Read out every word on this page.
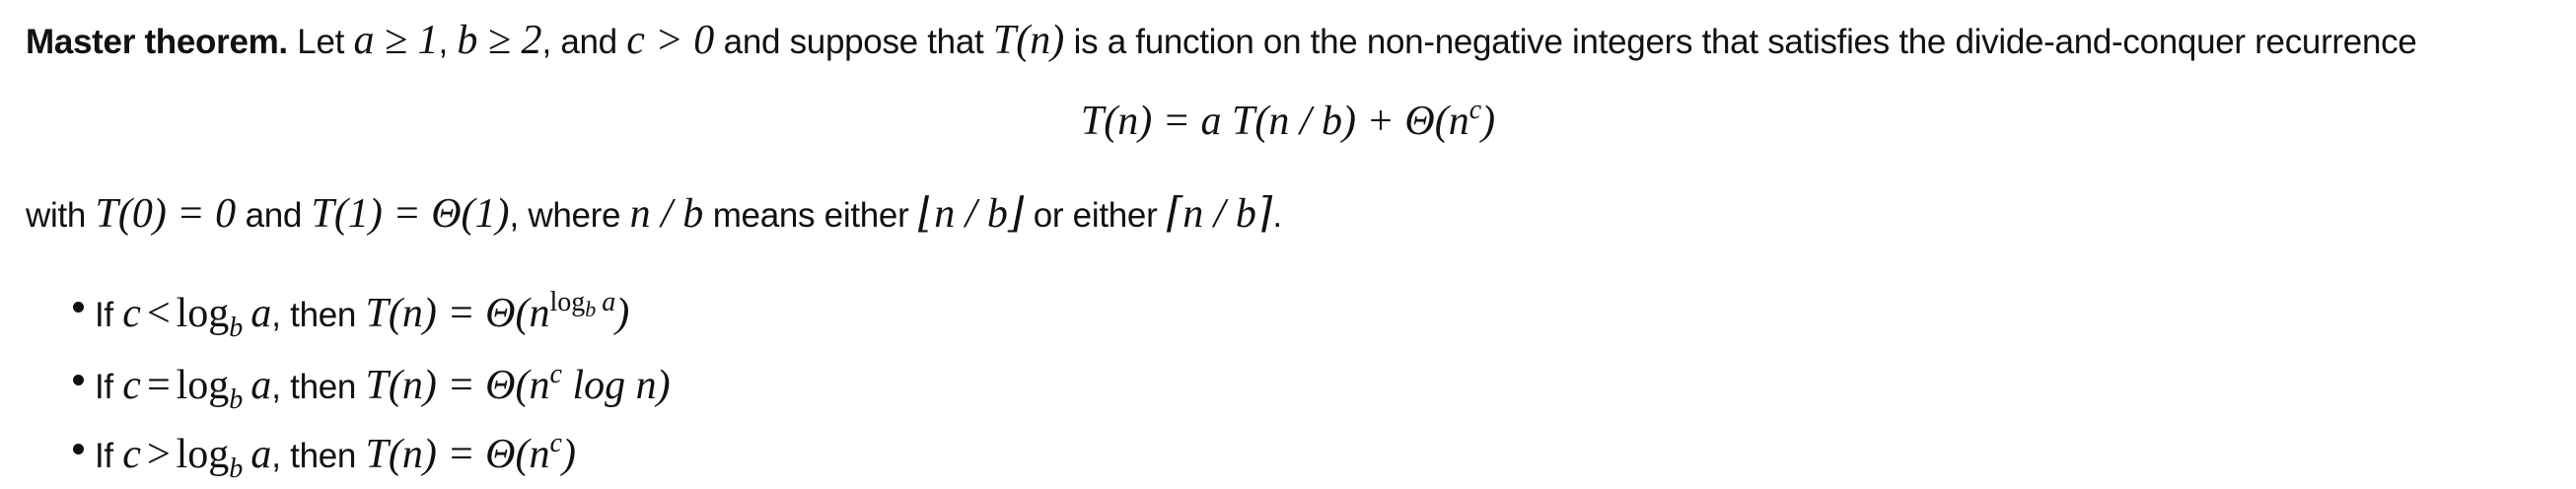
Master theorem. Let a ≥ 1, b ≥ 2, and c > 0 and suppose that T(n) is a function on the non-negative integers that satisfies the divide-and-conquer recurrence
T(n) = a T(n / b) + Θ(nc)
with T(0) = 0 and T(1) = Θ(1), where n / b means either ⌊n / b⌋ or either ⌈n / b⌉.
If $c < \log_b a$, then $T(n) = \Theta(n^{log_b a})$
If $c = \log_b a$, then $T(n) = \Theta(n^c$ log n)
If $c > \log_b a$, then $T(n) = \Theta(n^c)$
